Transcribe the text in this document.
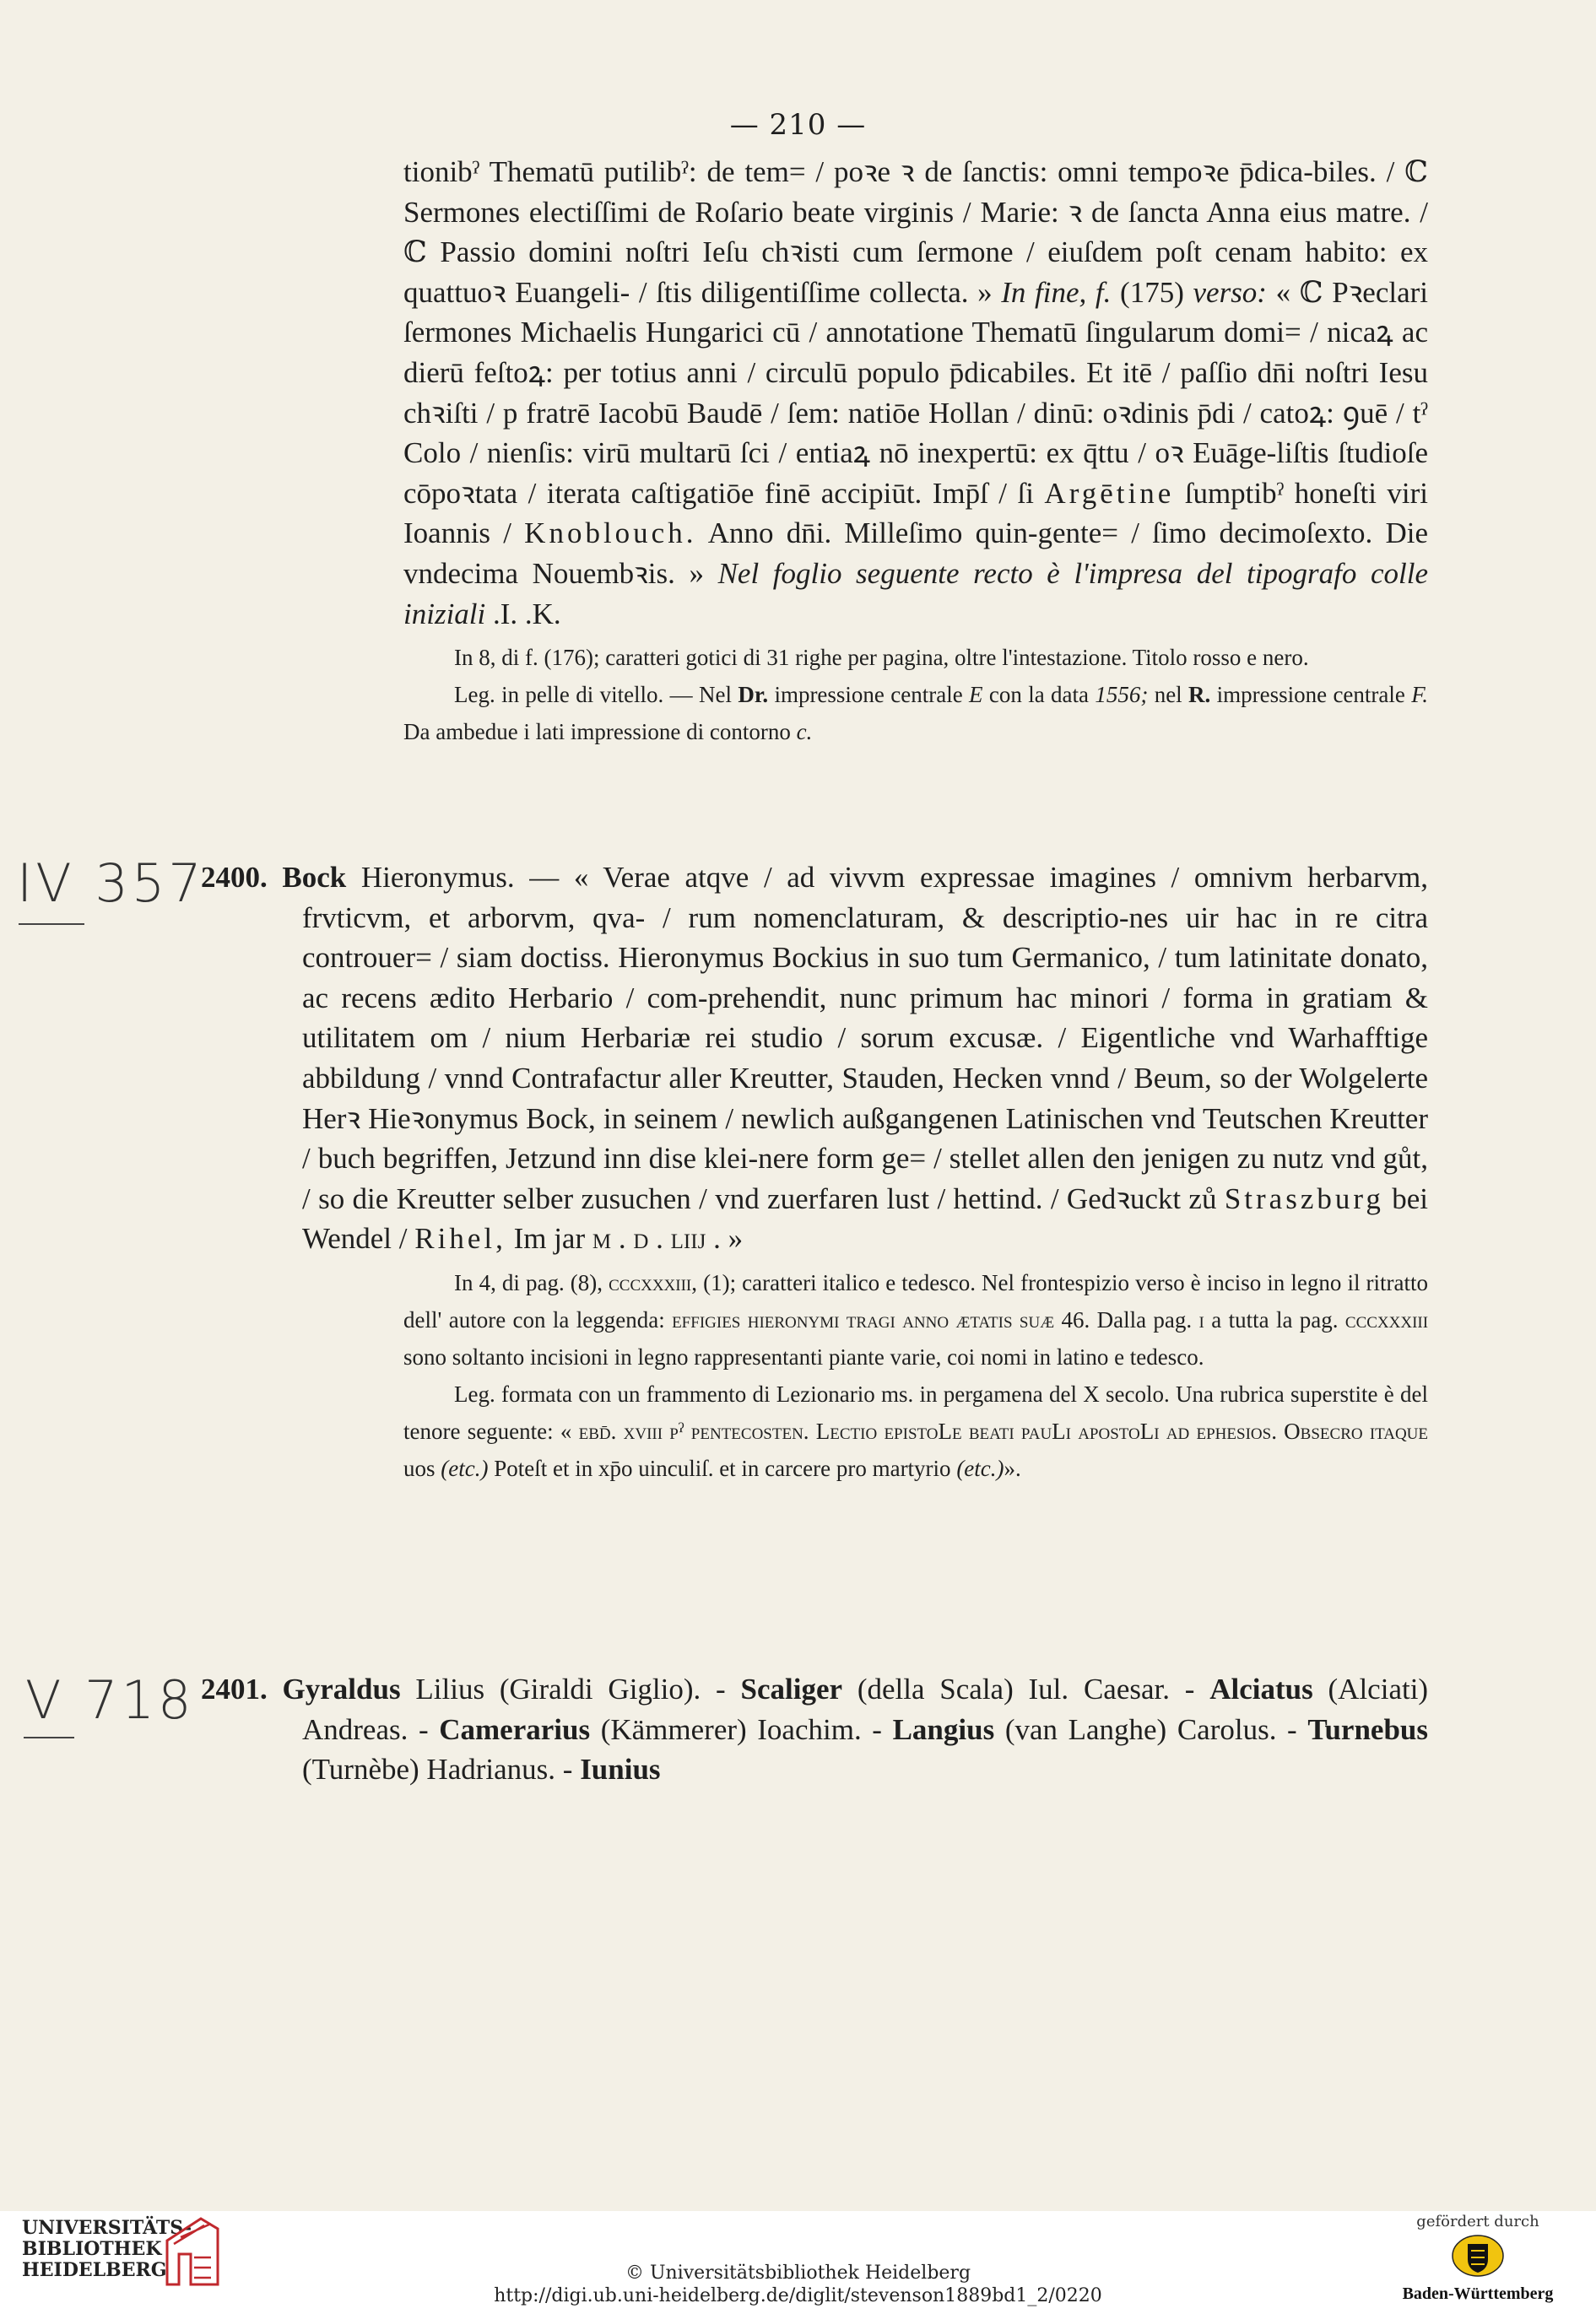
— 210 —

tionibˀ Thematū putilibˀ: de tem= / poꝛe ꝛ de ſanctis: omni tempoꝛe p̄dica-biles. / ℂ Sermones electiſſimi de Roſario beate virginis / Marie: ꝛ de ſancta Anna eius matre. / ℂ Passio domini noſtri Ieſu chꝛisti cum ſermone / eiuſdem poſt cenam habito: ex quattuoꝛ Euangeli- / ſtis diligentiſſime collecta. » In fine, f. (175) verso: « ℂ Pꝛeclari ſermones Michaelis Hungarici cū / annotatione Thematū ſingularum domi= / nicaꝝ ac dierū feſtoꝝ: per totius anni / circulū populo p̄dicabiles. Et itē / paſſio dn̄i noſtri Iesu chꝛiſti / p fratrē Iacobū Baudē / ſem: natiōe Hollan / dinū: oꝛdinis p̄di / catoꝝ: ꝯuē / tˀ Colo / nienſis: virū multarū ſci / entiaꝝ nō inexpertū: ex q̄ttu / oꝛ Euāge-liſtis ſtudioſe cōpoꝛtata / iterata caſtigatiōe finē accipiūt. Imp̄ſ / ſi Argētine ſumptibˀ honeſti viri Ioannis / Knoblouch. Anno dn̄i. Milleſimo quin-gente= / ſimo decimoſexto. Die vndecima Nouembꝛis. » Nel foglio seguente recto è l'impresa del tipografo colle iniziali .I. .K.

In 8, di f. (176); caratteri gotici di 31 righe per pagina, oltre l'intestazione. Titolo rosso e nero.

Leg. in pelle di vitello. — Nel Dr. impressione centrale E con la data 1556; nel R. impressione centrale F. Da ambedue i lati impressione di contorno c.

IV 357

2400. Bock Hieronymus. — « Verae atqve / ad vivvm expressae imagines / omnivm herbarvm, frvticvm, et arborvm, qva- / rum nomenclaturam, & descriptio-nes uir hac in re citra controuer= / siam doctiss. Hieronymus Bockius in suo tum Germanico, / tum latinitate donato, ac recens ædito Herbario / com-prehendit, nunc primum hac minori / forma in gratiam & utilitatem om / nium Herbariæ rei studio / sorum excusæ. / Eigentliche vnd Warhafftige abbildung / vnnd Contrafactur aller Kreutter, Stauden, Hecken vnnd / Beum, so der Wolgelerte Herꝛ Hieꝛonymus Bock, in seinem / newlich außgangenen Latinischen vnd Teutschen Kreutter / buch begriffen, Jetzund inn dise klei-nere form ge= / stellet allen den jenigen zu nutz vnd gůt, / so die Kreutter selber zusuchen / vnd zuerfaren lust / hettind. / Gedꝛuckt zů Straszburg bei Wendel / Rihel, Im jar m . d . liij . »

In 4, di pag. (8), cccxxxiii, (1); caratteri italico e tedesco. Nel frontespizio verso è inciso in legno il ritratto dell' autore con la leggenda: effigies hieronymi tragi anno ætatis suæ 46. Dalla pag. i a tutta la pag. cccxxxiii sono soltanto incisioni in legno rappresentanti piante varie, coi nomi in latino e tedesco.

Leg. formata con un frammento di Lezionario ms. in pergamena del X secolo. Una rubrica superstite è del tenore seguente: « ebd̄. xviii pˀ pentecosten. Lectio epistoLe beati pauLi apostoLi ad ephesios. Obsecro itaque uos (etc.) Poteſt et in xp̄o uinculiſ. et in carcere pro martyrio (etc.)».

V 718 2401. Gyraldus Lilius (Giraldi Giglio). - Scaliger (della Scala) Iul. Caesar. - Alciatus (Alciati) Andreas. - Camerarius (Kämmerer) Ioachim. - Langius (van Langhe) Carolus. - Turnebus (Turnèbe) Hadrianus. - Iunius

UNIVERSITÄTS-
BIBLIOTHEK
HEIDELBERG	© Universitätsbibliothek Heidelberg
http://digi.ub.uni-heidelberg.de/diglit/stevenson1889bd1_2/0220
gefördert durch
Baden-Württemberg
